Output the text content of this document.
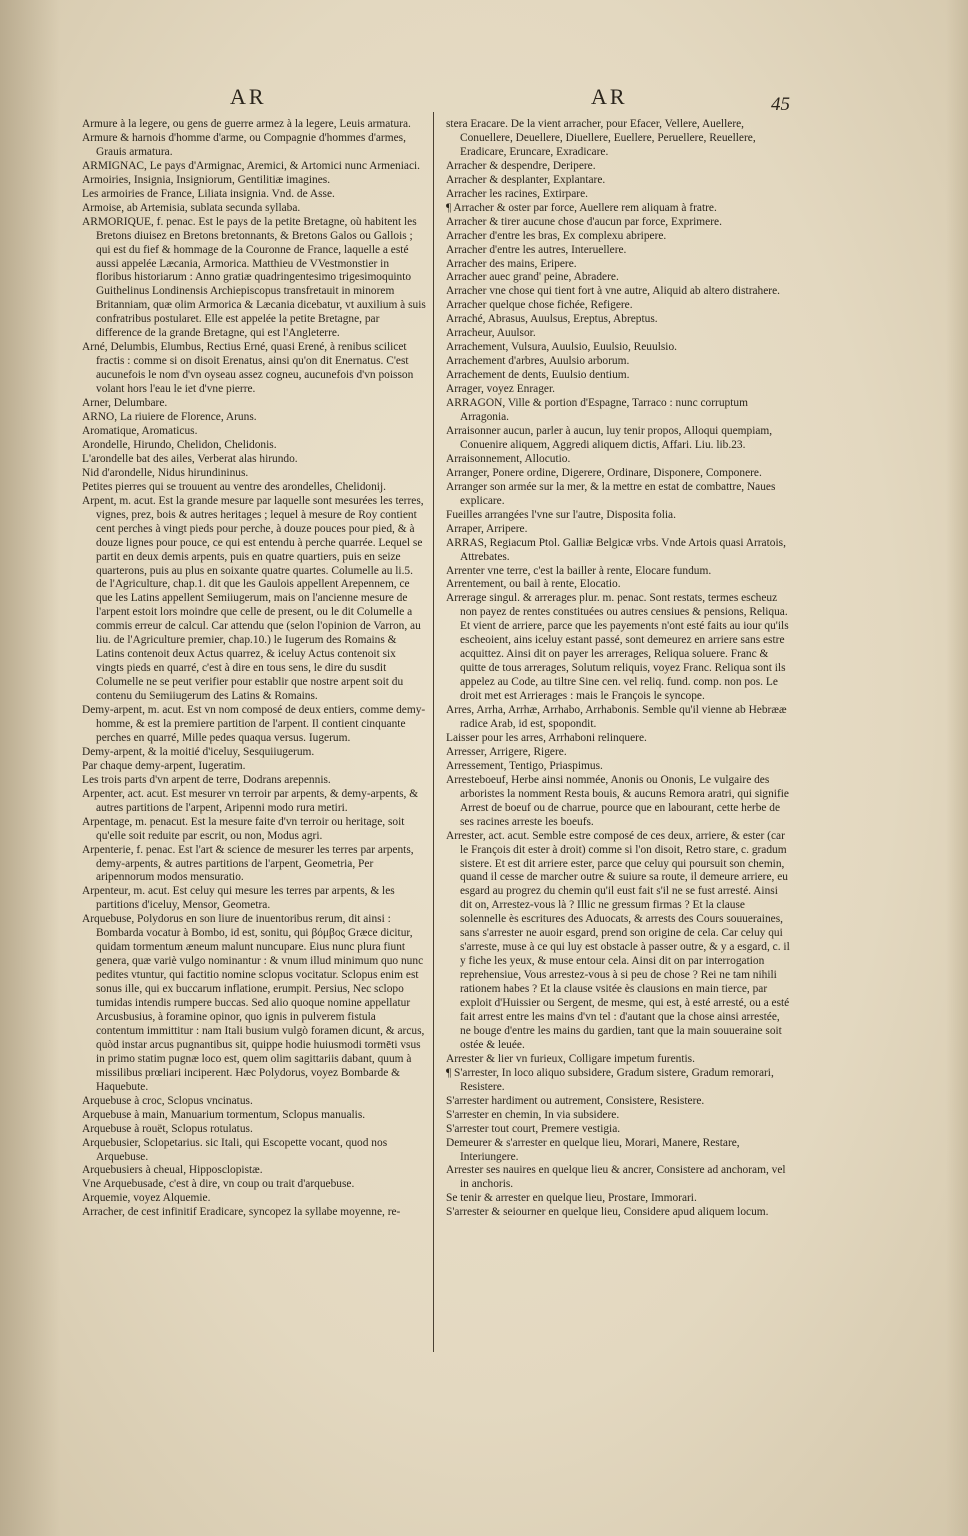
AR	AR	45

Armure à la legere, ou gens de guerre armez à la legere, Leuis armatura.

Armure & harnois d'homme d'arme, ou Compagnie d'hommes d'armes, Grauis armatura.

ARMIGNAC, Le pays d'Armignac, Aremici, & Artomici nunc Armeniaci.

Armoiries, Insignia, Insigniorum, Gentilitiæ imagines.

Les armoiries de France, Liliata insignia. Vnd. de Asse.

Armoise, ab Artemisia, sublata secunda syllaba.

ARMORIQUE, f. penac. Est le pays de la petite Bretagne, où habitent les Bretons diuisez en Bretons bretonnants, & Bretons Galos ou Gallois ; qui est du fief & hommage de la Couronne de France, laquelle a esté aussi appelée Læcania, Armorica. Matthieu de VVestmonstier in floribus historiarum : Anno gratiæ quadringentesimo trigesimoquinto Guithelinus Londinensis Archiepiscopus transfretauit in minorem Britanniam, quæ olim Armorica & Læcania dicebatur, vt auxilium à suis confratribus postularet. Elle est appelée la petite Bretagne, par difference de la grande Bretagne, qui est l'Angleterre.

Arné, Delumbis, Elumbus, Rectius Erné, quasi Erené, à renibus scilicet fractis : comme si on disoit Erenatus, ainsi qu'on dit Enernatus. C'est aucunefois le nom d'vn oyseau assez cogneu, aucunefois d'vn poisson volant hors l'eau le iet d'vne pierre.

Arner, Delumbare.

ARNO, La riuiere de Florence, Aruns.

Aromatique, Aromaticus.

Arondelle, Hirundo, Chelidon, Chelidonis.

L'arondelle bat des ailes, Verberat alas hirundo.

Nid d'arondelle, Nidus hirundininus.

Petites pierres qui se trouuent au ventre des arondelles, Chelidonij.

Arpent, m. acut. Est la grande mesure par laquelle sont mesurées les terres, vignes, prez, bois & autres heritages ; lequel à mesure de Roy contient cent perches à vingt pieds pour perche, à douze pouces pour pied, & à douze lignes pour pouce, ce qui est entendu à perche quarrée. Lequel se partit en deux demis arpents, puis en quatre quartiers, puis en seize quarterons, puis au plus en soixante quatre quartes. Columelle au li.5. de l'Agriculture, chap.1. dit que les Gaulois appellent Arepennem, ce que les Latins appellent Semiiugerum, mais on l'ancienne mesure de l'arpent estoit lors moindre que celle de present, ou le dit Columelle a commis erreur de calcul. Car attendu que (selon l'opinion de Varron, au liu. de l'Agriculture premier, chap.10.) le Iugerum des Romains & Latins contenoit deux Actus quarrez, & iceluy Actus contenoit six vingts pieds en quarré, c'est à dire en tous sens, le dire du susdit Columelle ne se peut verifier pour establir que nostre arpent soit du contenu du Semiiugerum des Latins & Romains.

Demy-arpent, m. acut. Est vn nom composé de deux entiers, comme demy-homme, & est la premiere partition de l'arpent. Il contient cinquante perches en quarré, Mille pedes quaqua versus. Iugerum.

Demy-arpent, & la moitié d'iceluy, Sesquiiugerum.

Par chaque demy-arpent, Iugeratim.

Les trois parts d'vn arpent de terre, Dodrans arepennis.

Arpenter, act. acut. Est mesurer vn terroir par arpents, & demy-arpents, & autres partitions de l'arpent, Aripenni modo rura metiri.

Arpentage, m. penacut. Est la mesure faite d'vn terroir ou heritage, soit qu'elle soit reduite par escrit, ou non, Modus agri.

Arpenterie, f. penac. Est l'art & science de mesurer les terres par arpents, demy-arpents, & autres partitions de l'arpent, Geometria, Per aripennorum modos mensuratio.

Arpenteur, m. acut. Est celuy qui mesure les terres par arpents, & les partitions d'iceluy, Mensor, Geometra.

Arquebuse, Polydorus en son liure de inuentoribus rerum, dit ainsi : Bombarda vocatur à Bombo, id est, sonitu, qui βόμβος Græce dicitur, quidam tormentum æneum malunt nuncupare. Eius nunc plura fiunt genera, quæ variè vulgo nominantur : & vnum illud minimum quo nunc pedites vtuntur, qui factitio nomine sclopus vocitatur. Sclopus enim est sonus ille, qui ex buccarum inflatione, erumpit. Persius, Nec sclopo tumidas intendis rumpere buccas. Sed alio quoque nomine appellatur Arcusbusius, à foramine opinor, quo ignis in pulverem fistula contentum immittitur : nam Itali busium vulgò foramen dicunt, & arcus, quòd instar arcus pugnantibus sit, quippe hodie huiusmodi tormēti vsus in primo statim pugnæ loco est, quem olim sagittariis dabant, quum à missilibus prœliari inciperent. Hæc Polydorus, voyez Bombarde & Haquebute.

Arquebuse à croc, Sclopus vncinatus.

Arquebuse à main, Manuarium tormentum, Sclopus manualis.

Arquebuse à rouët, Sclopus rotulatus.

Arquebusier, Sclopetarius. sic Itali, qui Escopette vocant, quod nos Arquebuse.

Arquebusiers à cheual, Hipposclopistæ.

Vne Arquebusade, c'est à dire, vn coup ou trait d'arquebuse.

Arquemie, voyez Alquemie.

Arracher, de cest infinitif Eradicare, syncopez la syllabe moyenne, re-

stera Eracare. De la vient arracher, pour Efacer, Vellere, Auellere, Conuellere, Deuellere, Diuellere, Euellere, Peruellere, Reuellere, Eradicare, Eruncare, Exradicare.

Arracher & despendre, Deripere.

Arracher & desplanter, Explantare.

Arracher les racines, Extirpare.

¶ Arracher & oster par force, Auellere rem aliquam à fratre.

Arracher & tirer aucune chose d'aucun par force, Exprimere.

Arracher d'entre les bras, Ex complexu abripere.

Arracher d'entre les autres, Interuellere.

Arracher des mains, Eripere.

Arracher auec grand' peine, Abradere.

Arracher vne chose qui tient fort à vne autre, Aliquid ab altero distrahere.

Arracher quelque chose fichée, Refigere.

Arraché, Abrasus, Auulsus, Ereptus, Abreptus.

Arracheur, Auulsor.

Arrachement, Vulsura, Auulsio, Euulsio, Reuulsio.

Arrachement d'arbres, Auulsio arborum.

Arrachement de dents, Euulsio dentium.

Arrager, voyez Enrager.

ARRAGON, Ville & portion d'Espagne, Tarraco : nunc corruptum Arragonia.

Arraisonner aucun, parler à aucun, luy tenir propos, Alloqui quempiam, Conuenire aliquem, Aggredi aliquem dictis, Affari. Liu. lib.23.

Arraisonnement, Allocutio.

Arranger, Ponere ordine, Digerere, Ordinare, Disponere, Componere.

Arranger son armée sur la mer, & la mettre en estat de combattre, Naues explicare.

Fueilles arrangées l'vne sur l'autre, Disposita folia.

Arraper, Arripere.

ARRAS, Regiacum Ptol. Galliæ Belgicæ vrbs. Vnde Artois quasi Arratois, Attrebates.

Arrenter vne terre, c'est la bailler à rente, Elocare fundum.

Arrentement, ou bail à rente, Elocatio.

Arrerage singul. & arrerages plur. m. penac. Sont restats, termes escheuz non payez de rentes constituées ou autres censiues & pensions, Reliqua. Et vient de arriere, parce que les payements n'ont esté faits au iour qu'ils escheoient, ains iceluy estant passé, sont demeurez en arriere sans estre acquittez. Ainsi dit on payer les arrerages, Reliqua soluere. Franc & quitte de tous arrerages, Solutum reliquis, voyez Franc. Reliqua sont ils appelez au Code, au tiltre Sine cen. vel reliq. fund. comp. non pos. Le droit met est Arrierages : mais le François le syncope.

Arres, Arrha, Arrhæ, Arrhabo, Arrhabonis. Semble qu'il vienne ab Hebrææ radice Arab, id est, spopondit.

Laisser pour les arres, Arrhaboni relinquere.

Arresser, Arrigere, Rigere.

Arressement, Tentigo, Priaspimus.

Arresteboeuf, Herbe ainsi nommée, Anonis ou Ononis, Le vulgaire des arboristes la nomment Resta bouis, & aucuns Remora aratri, qui signifie Arrest de boeuf ou de charrue, pource que en labourant, cette herbe de ses racines arreste les boeufs.

Arrester, act. acut. Semble estre composé de ces deux, arriere, & ester (car le François dit ester à droit) comme si l'on disoit, Retro stare, c. gradum sistere. Et est dit arriere ester, parce que celuy qui poursuit son chemin, quand il cesse de marcher outre & suiure sa route, il demeure arriere, eu esgard au progrez du chemin qu'il eust fait s'il ne se fust arresté. Ainsi dit on, Arrestez-vous là ? Illic ne gressum firmas ? Et la clause solennelle ès escritures des Aduocats, & arrests des Cours souueraines, sans s'arrester ne auoir esgard, prend son origine de cela. Car celuy qui s'arreste, muse à ce qui luy est obstacle à passer outre, & y a esgard, c. il y fiche les yeux, & muse entour cela. Ainsi dit on par interrogation reprehensiue, Vous arrestez-vous à si peu de chose ? Rei ne tam nihili rationem habes ? Et la clause vsitée ès clausions en main tierce, par exploit d'Huissier ou Sergent, de mesme, qui est, à esté arresté, ou a esté fait arrest entre les mains d'vn tel : d'autant que la chose ainsi arrestée, ne bouge d'entre les mains du gardien, tant que la main souueraine soit ostée & leuée.

Arrester & lier vn furieux, Colligare impetum furentis.

¶ S'arrester, In loco aliquo subsidere, Gradum sistere, Gradum remorari, Resistere.

S'arrester hardiment ou autrement, Consistere, Resistere.

S'arrester en chemin, In via subsidere.

S'arrester tout court, Premere vestigia.

Demeurer & s'arrester en quelque lieu, Morari, Manere, Restare, Interiungere.

Arrester ses nauires en quelque lieu & ancrer, Consistere ad anchoram, vel in anchoris.

Se tenir & arrester en quelque lieu, Prostare, Immorari.

S'arrester & seiourner en quelque lieu, Considere apud aliquem locum.
